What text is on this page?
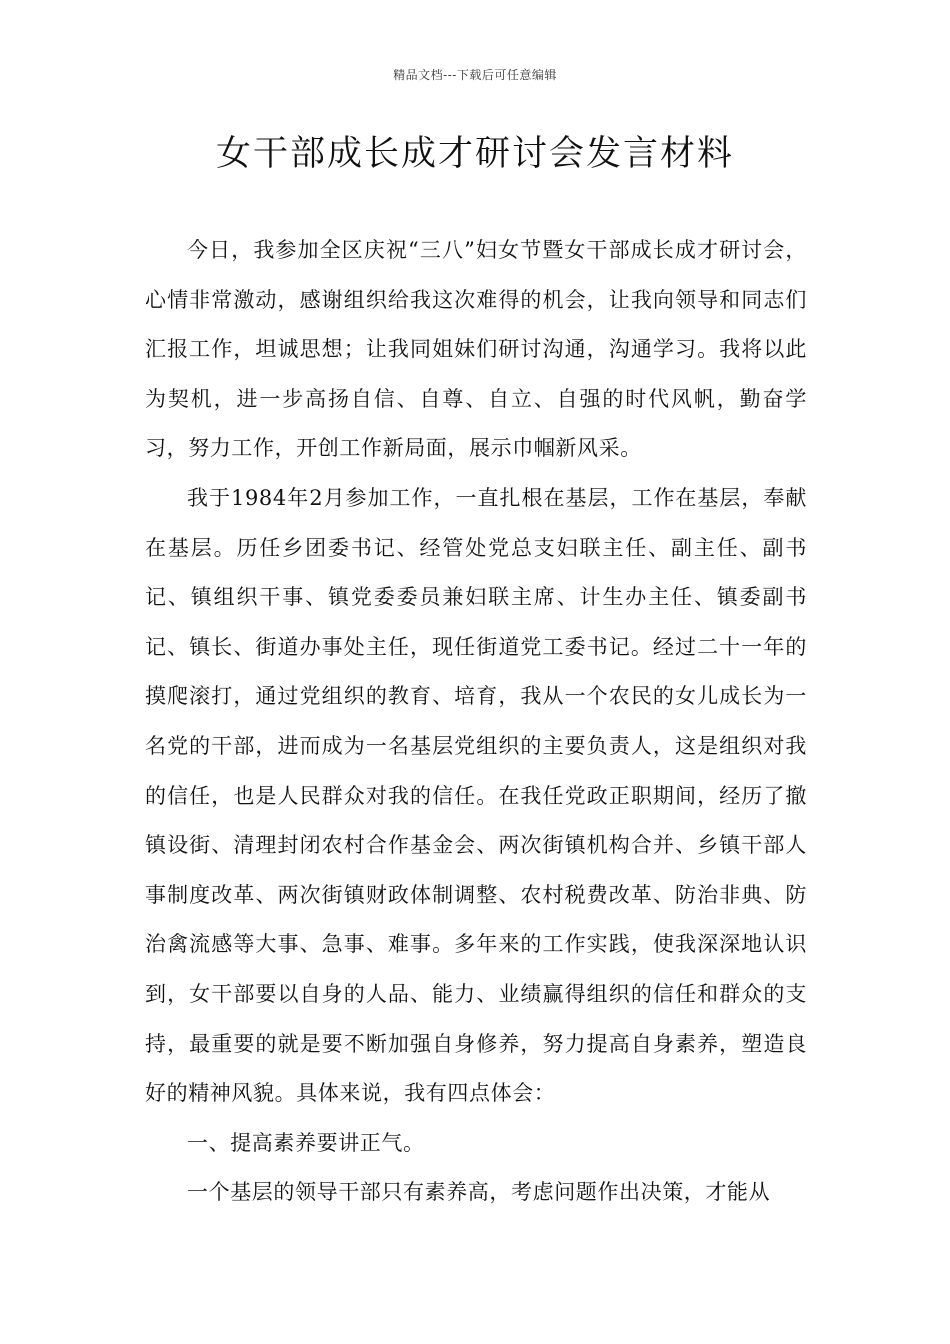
精品文档---下载后可任意编辑
女干部成长成才研讨会发言材料

今日，我参加全区庆祝“三八”妇女节暨女干部成长成才研讨会，心情非常激动，感谢组织给我这次难得的机会，让我向领导和同志们汇报工作，坦诚思想；让我同姐妹们研讨沟通，沟通学习。我将以此为契机，进一步高扬自信、自尊、自立、自强的时代风帆，勤奋学习，努力工作，开创工作新局面，展示巾帼新风采。

我于1984年2月参加工作，一直扎根在基层，工作在基层，奉献在基层。历任乡团委书记、经管处党总支妇联主任、副主任、副书记、镇组织干事、镇党委委员兼妇联主席、计生办主任、镇委副书记、镇长、街道办事处主任，现任街道党工委书记。经过二十一年的摸爬滚打，通过党组织的教育、培育，我从一个农民的女儿成长为一名党的干部，进而成为一名基层党组织的主要负责人，这是组织对我的信任，也是人民群众对我的信任。在我任党政正职期间，经历了撤镇设街、清理封闭农村合作基金会、两次街镇机构合并、乡镇干部人事制度改革、两次街镇财政体制调整、农村税费改革、防治非典、防治禽流感等大事、急事、难事。多年来的工作实践，使我深深地认识到，女干部要以自身的人品、能力、业绩赢得组织的信任和群众的支持，最重要的就是要不断加强自身修养，努力提高自身素养，塑造良好的精神风貌。具体来说，我有四点体会：

一、提高素养要讲正气。

一个基层的领导干部只有素养高，考虑问题作出决策，才能从
